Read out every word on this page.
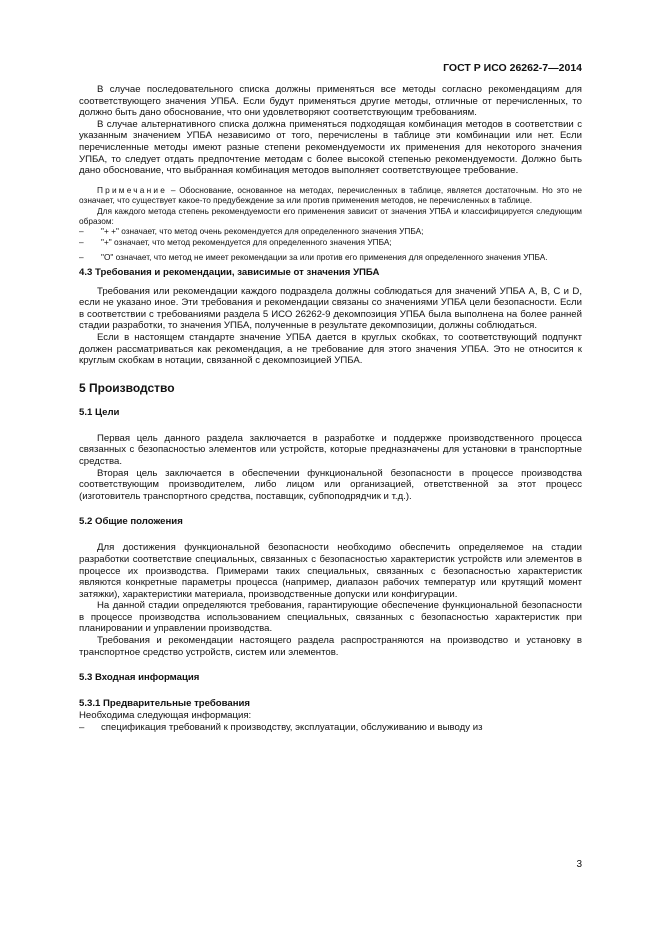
ГОСТ Р ИСО 26262-7—2014

В случае последовательного списка должны применяться все методы согласно рекомендациям для соответствующего значения УПБА. Если будут применяться другие методы, отличные от перечисленных, то должно быть дано обоснование, что они удовлетворяют соответствующим требованиям.

В случае альтернативного списка должна применяться подходящая комбинация методов в соответствии с указанным значением УПБА независимо от того, перечислены в таблице эти комбинации или нет. Если перечисленные методы имеют разные степени рекомендуемости их применения для некоторого значения УПБА, то следует отдать предпочтение методам с более высокой степенью рекомендуемости. Должно быть дано обоснование, что выбранная комбинация методов выполняет соответствующее требование.

Примечание – Обоснование, основанное на методах, перечисленных в таблице, является достаточным. Но это не означает, что существует какое-то предубеждение за или против применения методов, не перечисленных в таблице.

Для каждого метода степень рекомендуемости его применения зависит от значения УПБА и классифицируется следующим образом:

– "+ +" означает, что метод очень рекомендуется для определенного значения УПБА;

– "+" означает, что метод рекомендуется для определенного значения УПБА;

– "O" означает, что метод не имеет рекомендации за или против его применения для определенного значения УПБА.

4.3 Требования и рекомендации, зависимые от значения УПБА

Требования или рекомендации каждого подраздела должны соблюдаться для значений УПБА А, В, С и D, если не указано иное. Эти требования и рекомендации связаны со значениями УПБА цели безопасности. Если в соответствии с требованиями раздела 5 ИСО 26262-9 декомпозиция УПБА была выполнена на более ранней стадии разработки, то значения УПБА, полученные в результате декомпозиции, должны соблюдаться.

Если в настоящем стандарте значение УПБА дается в круглых скобках, то соответствующий подпункт должен рассматриваться как рекомендация, а не требование для этого значения УПБА. Это не относится к круглым скобкам в нотации, связанной с декомпозицией УПБА.

5 Производство

5.1 Цели

Первая цель данного раздела заключается в разработке и поддержке производственного процесса связанных с безопасностью элементов или устройств, которые предназначены для установки в транспортные средства.

Вторая цель заключается в обеспечении функциональной безопасности в процессе производства соответствующим производителем, либо лицом или организацией, ответственной за этот процесс (изготовитель транспортного средства, поставщик, субпоподрядчик и т.д.).

5.2 Общие положения

Для достижения функциональной безопасности необходимо обеспечить определяемое на стадии разработки соответствие специальных, связанных с безопасностью характеристик устройств или элементов в процессе их производства. Примерами таких специальных, связанных с безопасностью характеристик являются конкретные параметры процесса (например, диапазон рабочих температур или крутящий момент затяжки), характеристики материала, производственные допуски или конфигурации.

На данной стадии определяются требования, гарантирующие обеспечение функциональной безопасности в процессе производства использованием специальных, связанных с безопасностью характеристик при планировании и управлении производства.

Требования и рекомендации настоящего раздела распространяются на производство и установку в транспортное средство устройств, систем или элементов.

5.3 Входная информация

5.3.1 Предварительные требования

Необходима следующая информация:

– спецификация требований к производству, эксплуатации, обслуживанию и выводу из

3
